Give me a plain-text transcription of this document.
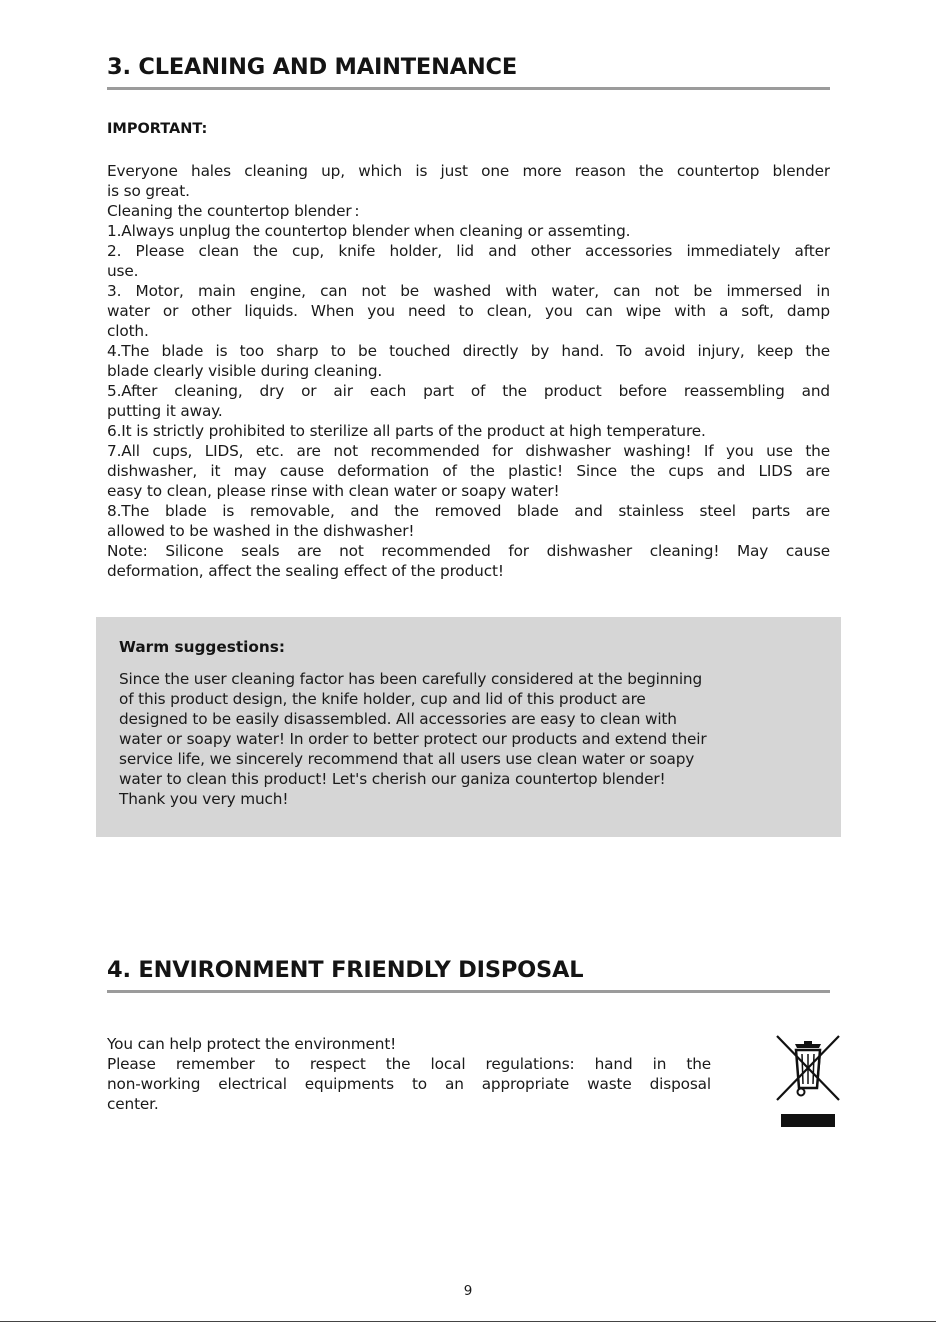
3. CLEANING AND MAINTENANCE

IMPORTANT:

Everyone hales cleaning up, which is just one more reason the countertop blender
is so great.
Cleaning the countertop blender :
1.Always unplug the countertop blender when cleaning or assemting.
2. Please clean the cup, knife holder, lid and other accessories immediately after
use.
3. Motor, main engine, can not be washed with water, can not be immersed in
water or other liquids. When you need to clean, you can wipe with a soft, damp
cloth.
4.The blade is too sharp to be touched directly by hand. To avoid injury, keep the
blade clearly visible during cleaning.
5.After cleaning, dry or air each part of the product before reassembling and
putting it away.
6.It is strictly prohibited to sterilize all parts of the product at high temperature.
7.All cups, LIDS, etc. are not recommended for dishwasher washing! If you use the
dishwasher, it may cause deformation of the plastic! Since the cups and LIDS are
easy to clean, please rinse with clean water or soapy water!
8.The blade is removable, and the removed blade and stainless steel parts are
allowed to be washed in the dishwasher!
Note: Silicone seals are not recommended for dishwasher cleaning! May cause
deformation, affect the sealing effect of the product!

Warm suggestions:

Since the user cleaning factor has been carefully considered at the beginning
of this product design, the knife holder, cup and lid of this product are
designed to be easily disassembled. All accessories are easy to clean with
water or soapy water! In order to better protect our products and extend their
service life, we sincerely recommend that all users use clean water or soapy
water to clean this product! Let's cherish our ganiza countertop blender!
Thank you very much!
4. ENVIRONMENT FRIENDLY DISPOSAL
You can help protect the environment!
Please remember to respect the local regulations: hand in the
non-working electrical equipments to an appropriate waste disposal
center.
9
